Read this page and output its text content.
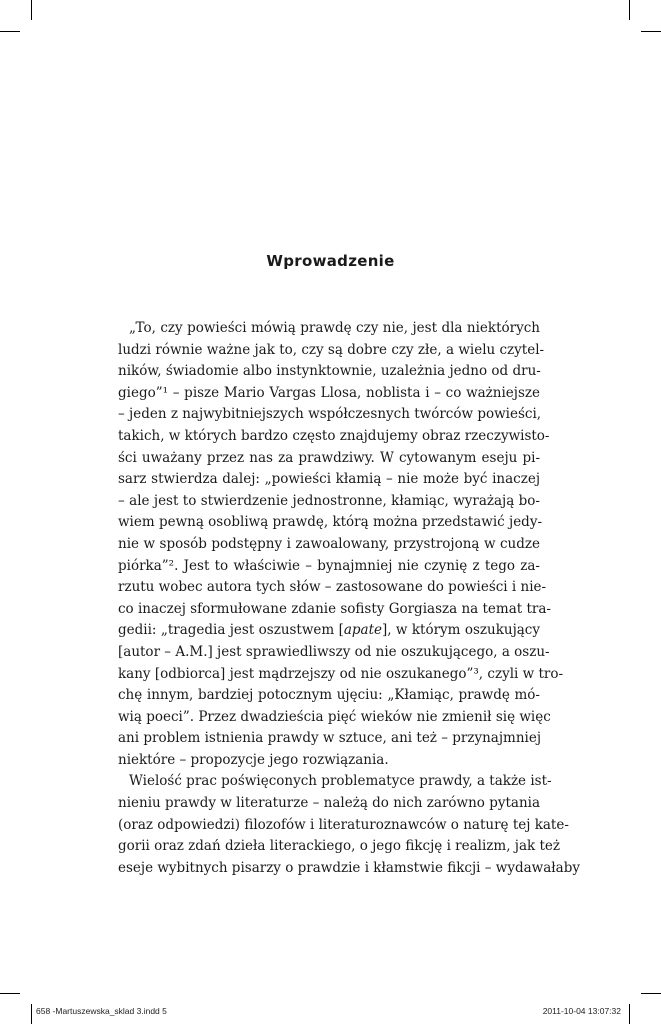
Wprowadzenie
„To, czy powieści mówią prawdę czy nie, jest dla niektórych
ludzi równie ważne jak to, czy są dobre czy złe, a wielu czytel-
ników, świadomie albo instynktownie, uzależnia jedno od dru-
giego”¹ – pisze Mario Vargas Llosa, noblista i – co ważniejsze
– jeden z najwybitniejszych współczesnych twórców powieści,
takich, w których bardzo często znajdujemy obraz rzeczywisto-
ści uważany przez nas za prawdziwy. W cytowanym eseju pi-
sarz stwierdza dalej: „powieści kłamią – nie może być inaczej
– ale jest to stwierdzenie jednostronne, kłamiąc, wyrażają bo-
wiem pewną osobliwą prawdę, którą można przedstawić jedy-
nie w sposób podstępny i zawoalowany, przystrojoną w cudze
piórka”². Jest to właściwie – bynajmniej nie czynię z tego za-
rzutu wobec autora tych słów – zastosowane do powieści i nie-
co inaczej sformułowane zdanie sofisty Gorgiasza na temat tra-
gedii: „tragedia jest oszustwem [apate], w którym oszukujący
[autor – A.M.] jest sprawiedliwszy od nie oszukującego, a oszu-
kany [odbiorca] jest mądrzejszy od nie oszukanego”³, czyli w tro-
chę innym, bardziej potocznym ujęciu: „Kłamiąc, prawdę mó-
wią poeci”. Przez dwadzieścia pięć wieków nie zmienił się więc
ani problem istnienia prawdy w sztuce, ani też – przynajmniej
niektóre – propozycje jego rozwiązania.
Wielość prac poświęconych problematyce prawdy, a także ist-
nieniu prawdy w literaturze – należą do nich zarówno pytania
(oraz odpowiedzi) filozofów i literaturoznawców o naturę tej kate-
gorii oraz zdań dzieła literackiego, o jego fikcję i realizm, jak też
eseje wybitnych pisarzy o prawdzie i kłamstwie fikcji – wydawałaby
658 -Martuszewska_sklad 3.indd 5	2011-10-04 13:07:32
